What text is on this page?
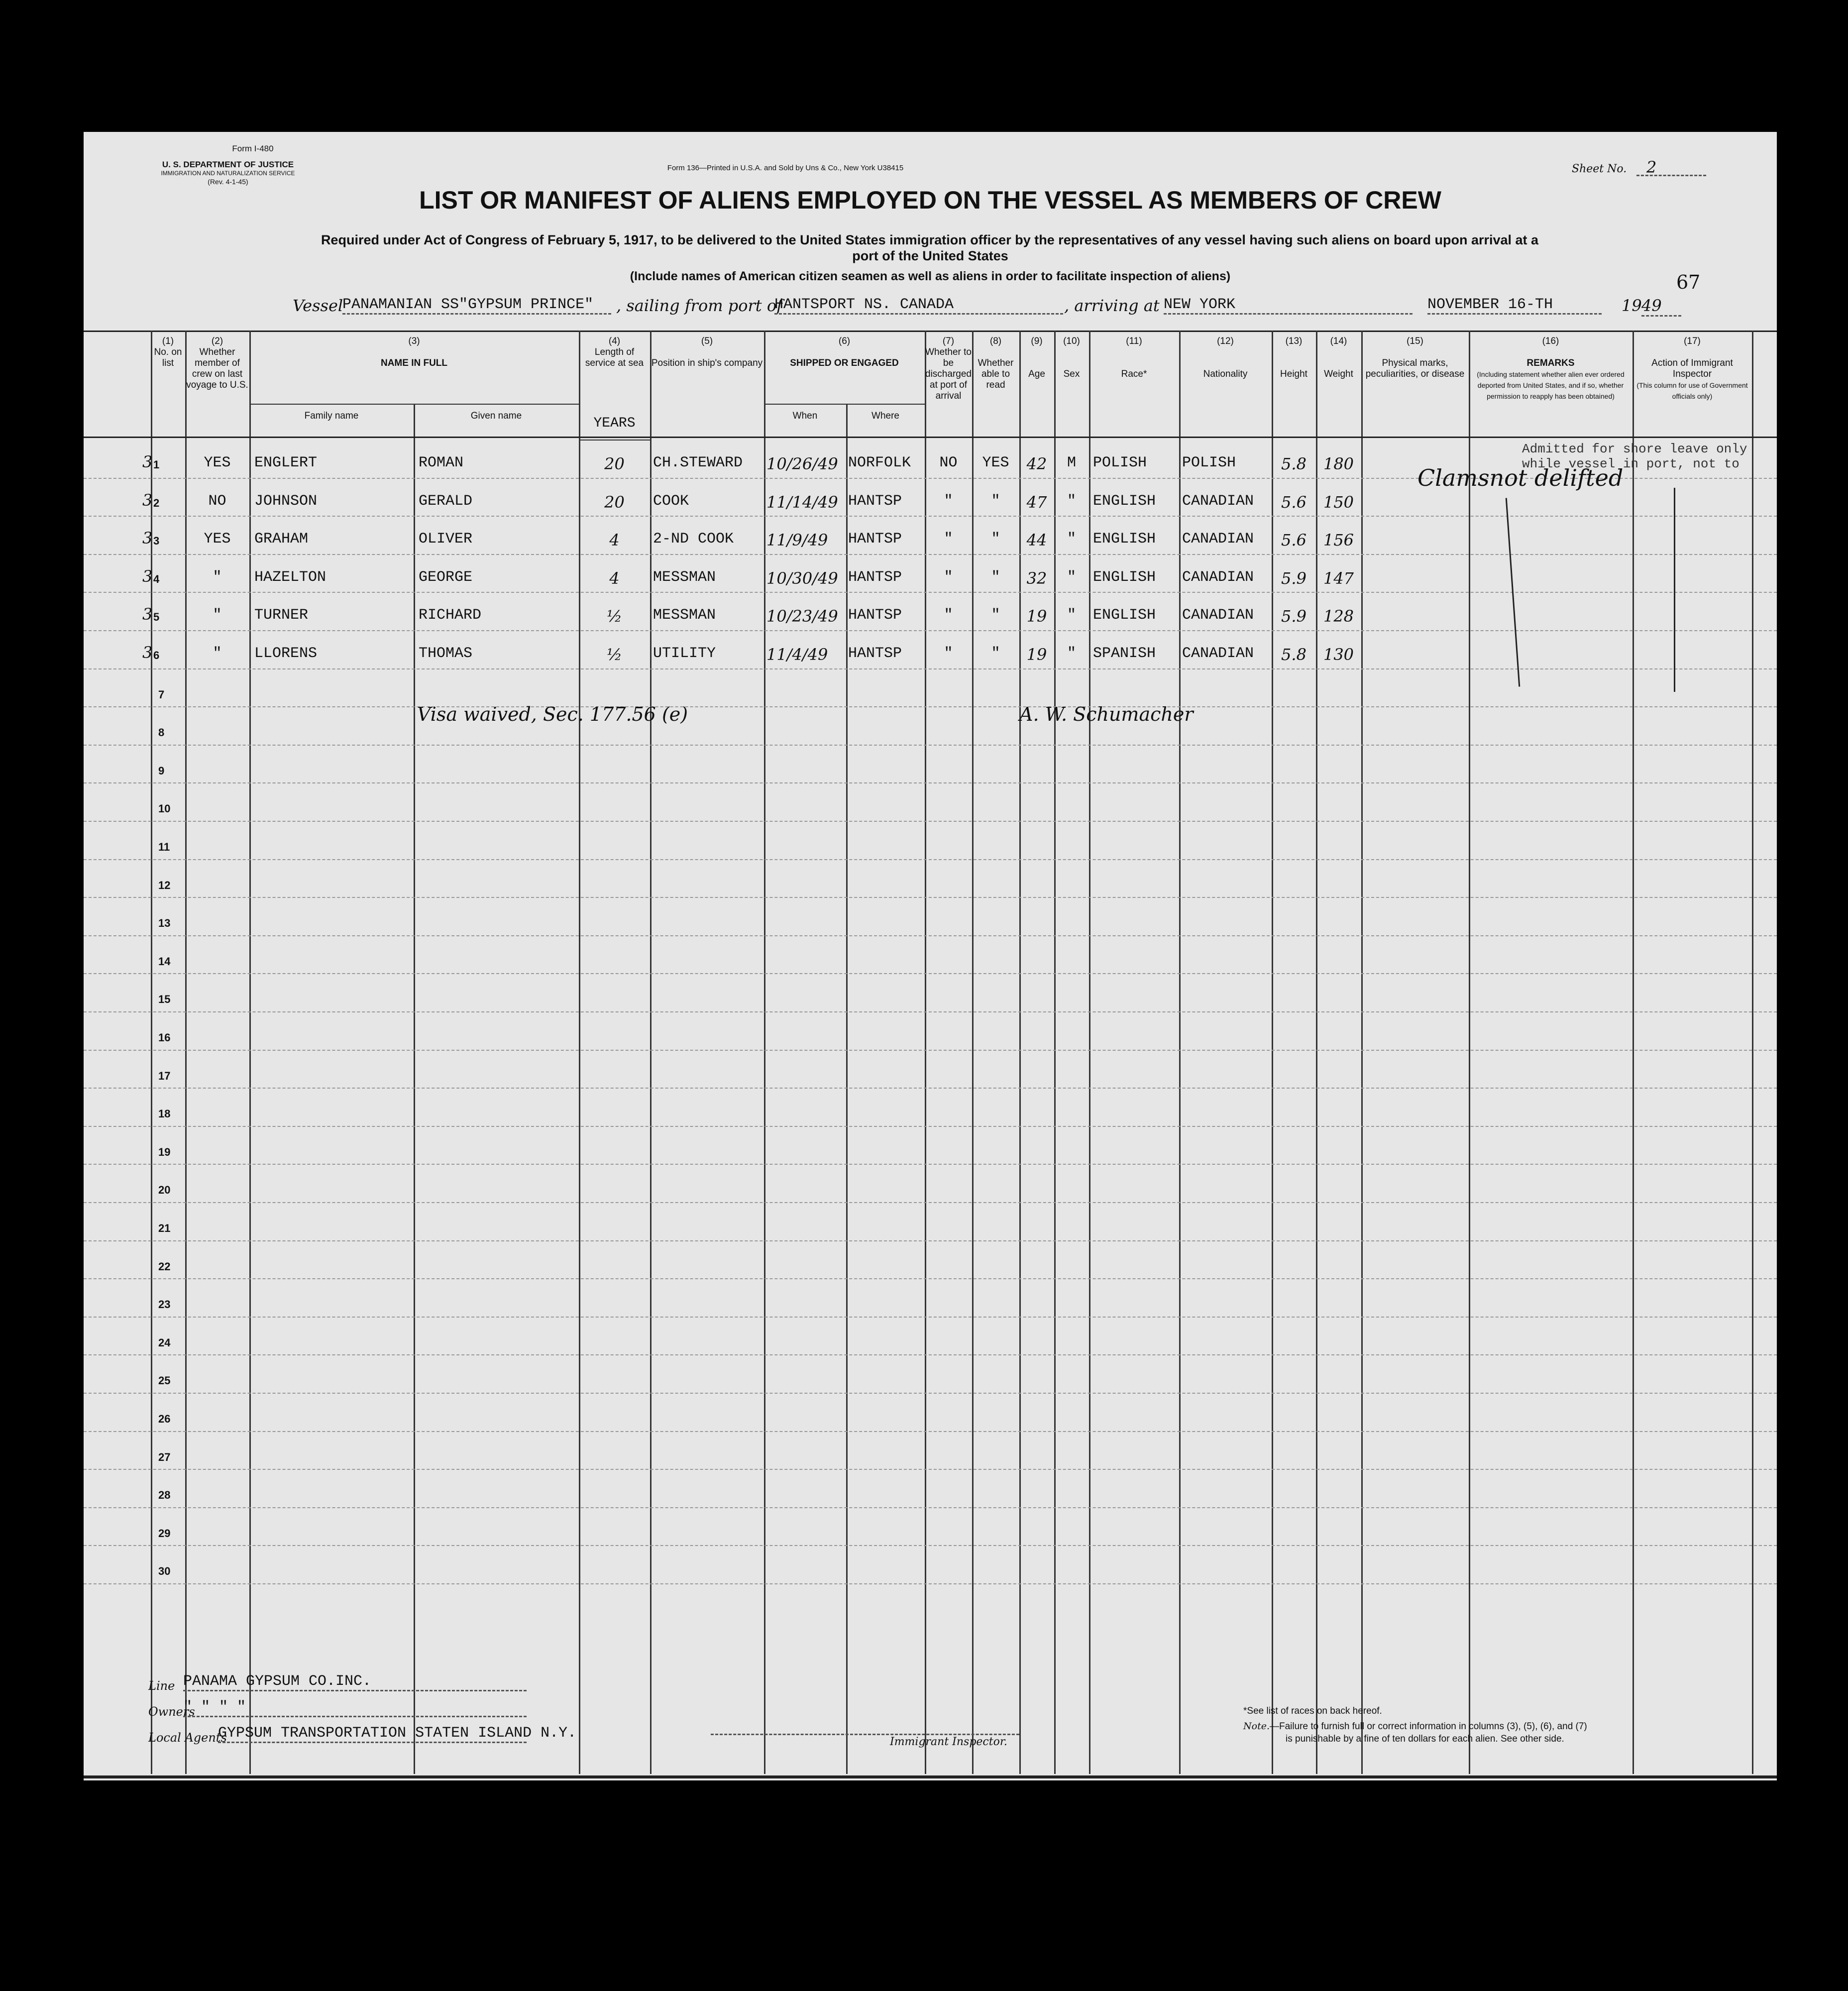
Form I-480
U. S. DEPARTMENT OF JUSTICE
IMMIGRATION AND NATURALIZATION SERVICE
(Rev. 4-1-45)
Form 136—Printed in U.S.A. and Sold by Uns & Co., New York U38415	Sheet No.	2
LIST OR MANIFEST OF ALIENS EMPLOYED ON THE VESSEL AS MEMBERS OF CREW
Required under Act of Congress of February 5, 1917, to be delivered to the United States immigration officer by the representatives of any vessel having such aliens on board upon arrival at a
port of the United States
(Include names of American citizen seamen as well as aliens in order to facilitate inspection of aliens)	67
Vessel
PANAMANIAN SS"GYPSUM PRINCE"	, sailing from port of
HANTSPORT NS. CANADA	, arriving at NEW YORK	NOVEMBER 16-TH	19 49
(1)
No. on list
(2)
Whether member of crew on last voyage to U.S.
(3)

NAME IN FULL
Family name	Given name
(4)
Length of service at sea
YEARS
(5)

Position in ship's company
(6)

SHIPPED OR ENGAGED
When	Where
(7)
Whether to be discharged at port of arrival
(8)

Whether able to read
(9)

Age
(10)

Sex
(11)

Race*
(12)

Nationality
(13)

Height
(14)

Weight
(15)

Physical marks, peculiarities, or disease
(16)

REMARKS
(Including statement whether alien ever ordered deported from United States, and if so, whether permission to reapply has been obtained)
(17)

Action of Immigrant Inspector
(This column for use of Government officials only)
Admitted for shore leave only
while vessel in port, not to
Clamsnot delifted
3 1	YES	ENGLERT	ROMAN	20	CH.STEWARD	10/26/49 NORFOLK	NO	YES	42	M	POLISH	POLISH	5.8	180
3 2	NO	JOHNSON	GERALD	20	COOK	11/14/49 HANTSP	"	"	47	"	ENGLISH	CANADIAN	5.6	150
3 3	YES	GRAHAM	OLIVER	4	2-ND COOK	11/9/49	HANTSP	"	"	44	"	ENGLISH	CANADIAN	5.6	156
3 4	"	HAZELTON	GEORGE	4	MESSMAN	10/30/49 HANTSP	"	"	32	"	ENGLISH	CANADIAN	5.9	147
3 5	"	TURNER	RICHARD	½	MESSMAN	10/23/49 HANTSP	"	"	19	"	ENGLISH	CANADIAN	5.9	128
3 6	"	LLORENS	THOMAS	½	UTILITY	11/4/49	HANTSP	"	"	19	"	SPANISH	CANADIAN	5.8	130
7
8
9
10
11
12
13
14
15
16
17
18
19
20
21
22
23
24
25
26
27
28
29
30
Visa waived, Sec. 177.56 (e)	A. W. Schumacher
Line PANAMA GYPSUM CO.INC.
Owners
" " " "
Local Agents
GYPSUM TRANSPORTATION STATEN ISLAND N.Y.
Immigrant Inspector.
*See list of races on back hereof.
Note.—Failure to furnish full or correct information in columns (3), (5), (6), and (7)
is punishable by a fine of ten dollars for each alien. See other side.
